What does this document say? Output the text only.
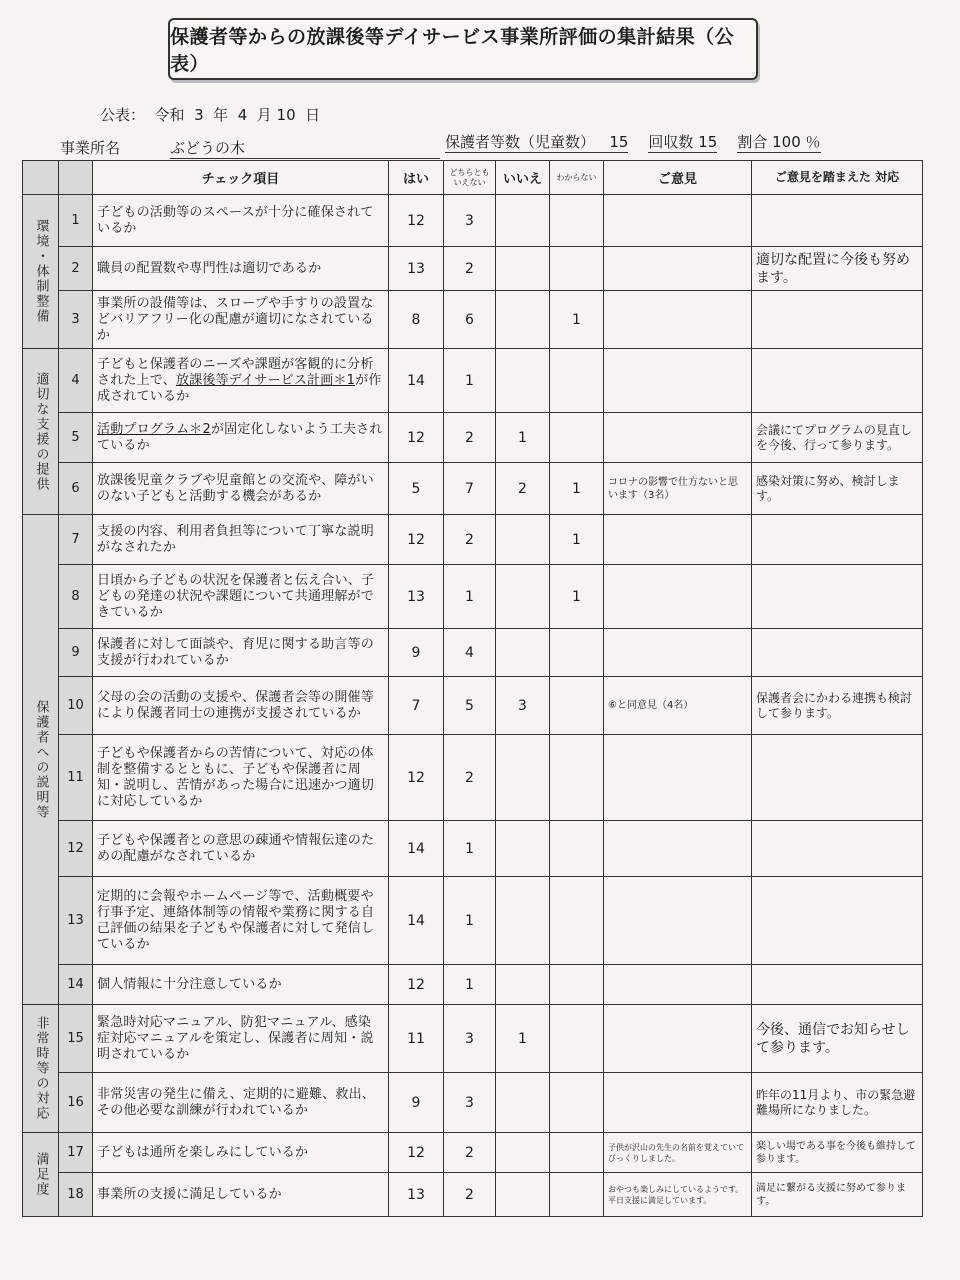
保護者等からの放課後等デイサービス事業所評価の集計結果（公表）
公表：  令和  3  年  4  月 10  日
事業所名	ぶどうの木	保護者等数（児童数） 15 回収数 15 割合 100 ％
		チェック項目	はい	どちらとも いえない	いいえ	わからない	ご意見	ご意見を踏まえた 対応
環境・体制整備	1	子どもの活動等のスペースが十分に確保されているか	12	3				
	2	職員の配置数や専門性は適切であるか	13	2				適切な配置に今後も努めます。
	3	事業所の設備等は、スロープや手すりの設置などバリアフリー化の配慮が適切になされているか	8	6		1		
適切な支援の提供	4	子どもと保護者のニーズや課題が客観的に分析された上で、放課後等デイサービス計画＊1が作成されているか	14	1				
	5	活動プログラム＊2が固定化しないよう工夫されているか	12	2	1			会議にてプログラムの見直しを今後、行って参ります。
	6	放課後児童クラブや児童館との交流や、障がいのない子どもと活動する機会があるか	5	7	2	1	コロナの影響で仕方ないと思います（3名）	感染対策に努め、検討します。
保護者への説明等	7	支援の内容、利用者負担等について丁寧な説明がなされたか	12	2		1		
	8	日頃から子どもの状況を保護者と伝え合い、子どもの発達の状況や課題について共通理解ができているか	13	1		1		
	9	保護者に対して面談や、育児に関する助言等の支援が行われているか	9	4				
	10	父母の会の活動の支援や、保護者会等の開催等により保護者同士の連携が支援されているか	7	5	3		⑥と同意見（4名）	保護者会にかわる連携も検討して参ります。
	11	子どもや保護者からの苦情について、対応の体制を整備するとともに、子どもや保護者に周知・説明し、苦情があった場合に迅速かつ適切に対応しているか	12	2				
	12	子どもや保護者との意思の疎通や情報伝達のための配慮がなされているか	14	1				
	13	定期的に会報やホームページ等で、活動概要や行事予定、連絡体制等の情報や業務に関する自己評価の結果を子どもや保護者に対して発信しているか	14	1				
	14	個人情報に十分注意しているか	12	1				
非常時等の対応	15	緊急時対応マニュアル、防犯マニュアル、感染症対応マニュアルを策定し、保護者に周知・説明されているか	11	3	1			今後、通信でお知らせして参ります。
	16	非常災害の発生に備え、定期的に避難、救出、その他必要な訓練が行われているか	9	3				昨年の11月より、市の緊急避難場所になりました。
満足度	17	子どもは通所を楽しみにしているか	12	2			子供が沢山の先生の名前を覚えていてびっくりしました。	楽しい場である事を今後も維持して参ります。
	18	事業所の支援に満足しているか	13	2			おやつも楽しみにしているようです。平日支援に満足しています。	満足に繋がる支援に努めて参ります。
